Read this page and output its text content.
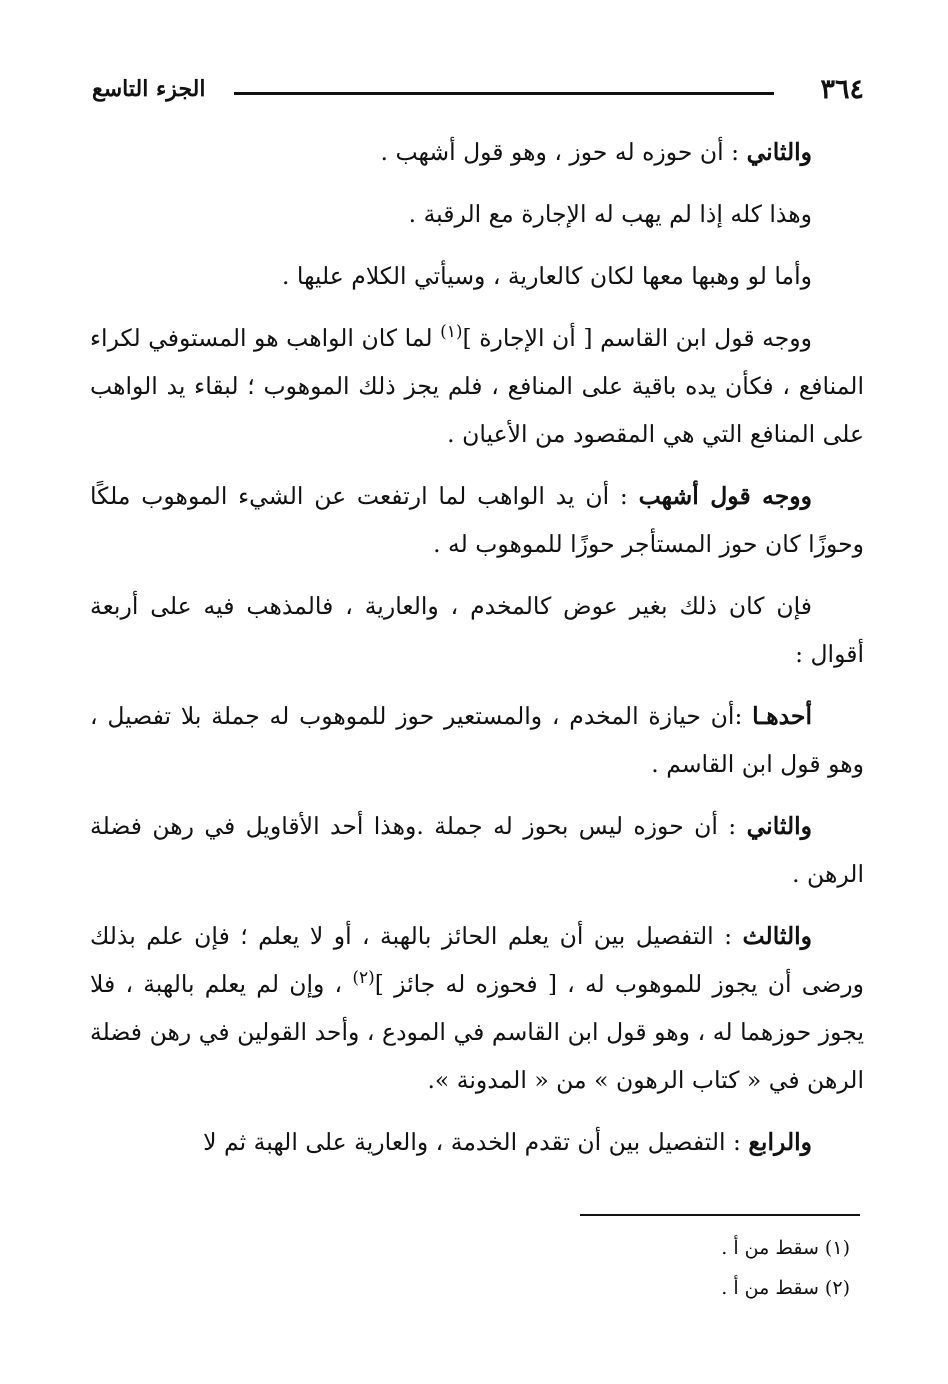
٣٦٤
الجزء التاسع

والثاني : أن حوزه له حوز ، وهو قول أشهب .

وهذا كله إذا لم يهب له الإجارة مع الرقبة .

وأما لو وهبها معها لكان كالعارية ، وسيأتي الكلام عليها .

ووجه قول ابن القاسم [ أن الإجارة ]$^{(١)}$ لما كان الواهب هو المستوفي لكراء المنافع ، فكأن يده باقية على المنافع ، فلم يجز ذلك الموهوب ؛ لبقاء يد الواهب على المنافع التي هي المقصود من الأعيان .

ووجه قول أشهب : أن يد الواهب لما ارتفعت عن الشيء الموهوب ملكًا وحوزًا كان حوز المستأجر حوزًا للموهوب له .

فإن كان ذلك بغير عوض كالمخدم ، والعارية ، فالمذهب فيه على أربعة أقوال :

أحدهـا :أن حيازة المخدم ، والمستعير حوز للموهوب له جملة بلا تفصيل ، وهو قول ابن القاسم .

والثاني : أن حوزه ليس بحوز له جملة .وهذا أحد الأقاويل في رهن فضلة الرهن .

والثالث : التفصيل بين أن يعلم الحائز بالهبة ، أو لا يعلم ؛ فإن علم بذلك ورضى أن يجوز للموهوب له ، [ فحوزه له جائز ]$^{(٢)}$ ، وإن لم يعلم بالهبة ، فلا يجوز حوزهما له ، وهو قول ابن القاسم في المودع ، وأحد القولين في رهن فضلة الرهن في « كتاب الرهون » من « المدونة ».

والرابع : التفصيل بين أن تقدم الخدمة ، والعارية على الهبة ثم لا

(١) سقط من أ .

(٢) سقط من أ .
